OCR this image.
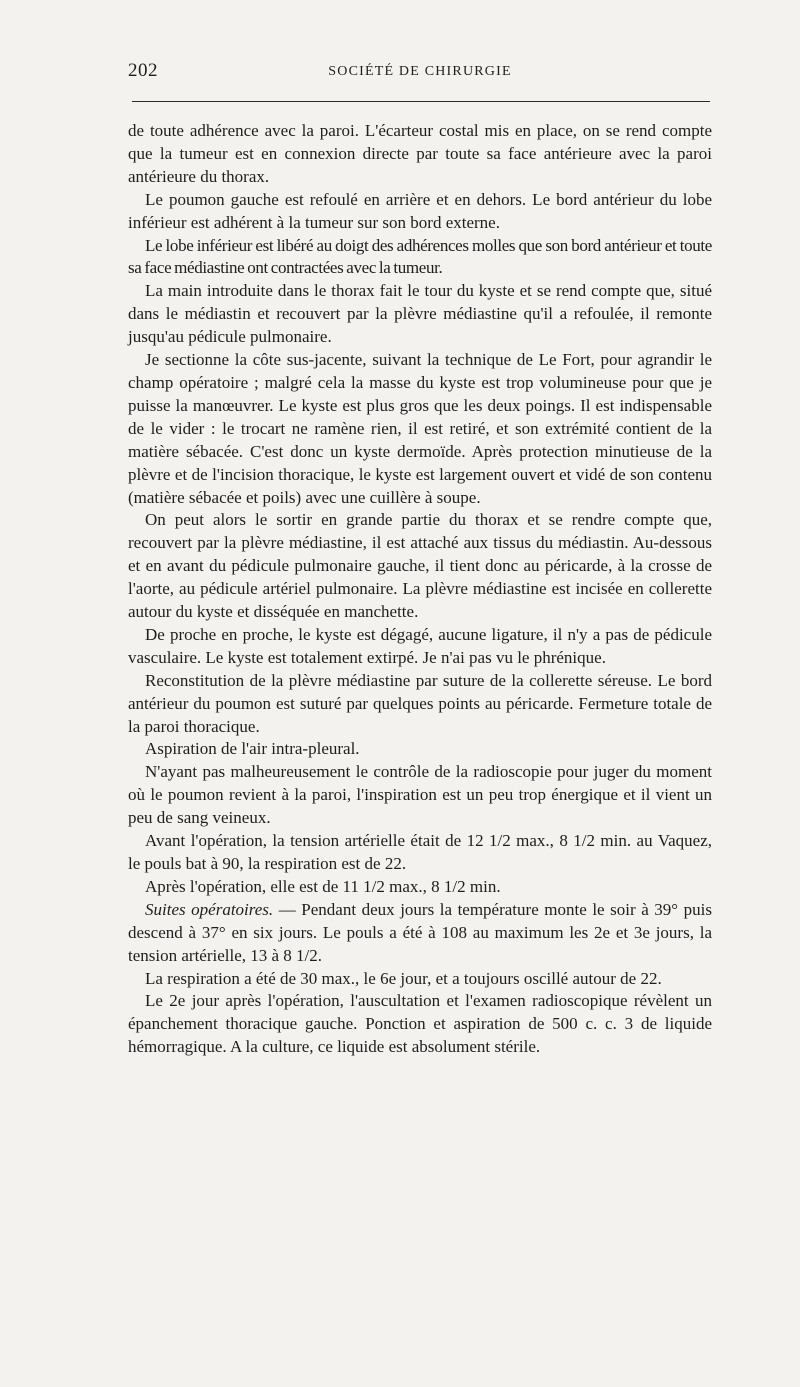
202	SOCIÉTÉ DE CHIRURGIE

de toute adhérence avec la paroi. L'écarteur costal mis en place, on se rend compte que la tumeur est en connexion directe par toute sa face antérieure avec la paroi antérieure du thorax.

Le poumon gauche est refoulé en arrière et en dehors. Le bord antérieur du lobe inférieur est adhérent à la tumeur sur son bord externe.

Le lobe inférieur est libéré au doigt des adhérences molles que son bord antérieur et toute sa face médiastine ont contractées avec la tumeur.

La main introduite dans le thorax fait le tour du kyste et se rend compte que, situé dans le médiastin et recouvert par la plèvre médiastine qu'il a refoulée, il remonte jusqu'au pédicule pulmonaire.

Je sectionne la côte sus-jacente, suivant la technique de Le Fort, pour agrandir le champ opératoire ; malgré cela la masse du kyste est trop volumineuse pour que je puisse la manœuvrer. Le kyste est plus gros que les deux poings. Il est indispensable de le vider : le trocart ne ramène rien, il est retiré, et son extrémité contient de la matière sébacée. C'est donc un kyste dermoïde. Après protection minutieuse de la plèvre et de l'incision thoracique, le kyste est largement ouvert et vidé de son contenu (matière sébacée et poils) avec une cuillère à soupe.

On peut alors le sortir en grande partie du thorax et se rendre compte que, recouvert par la plèvre médiastine, il est attaché aux tissus du médiastin. Au-dessous et en avant du pédicule pulmonaire gauche, il tient donc au péricarde, à la crosse de l'aorte, au pédicule artériel pulmonaire. La plèvre médiastine est incisée en collerette autour du kyste et disséquée en manchette.

De proche en proche, le kyste est dégagé, aucune ligature, il n'y a pas de pédicule vasculaire. Le kyste est totalement extirpé. Je n'ai pas vu le phrénique.

Reconstitution de la plèvre médiastine par suture de la collerette séreuse. Le bord antérieur du poumon est suturé par quelques points au péricarde. Fermeture totale de la paroi thoracique.

Aspiration de l'air intra-pleural.

N'ayant pas malheureusement le contrôle de la radioscopie pour juger du moment où le poumon revient à la paroi, l'inspiration est un peu trop énergique et il vient un peu de sang veineux.

Avant l'opération, la tension artérielle était de 12 1/2 max., 8 1/2 min. au Vaquez, le pouls bat à 90, la respiration est de 22.

Après l'opération, elle est de 11 1/2 max., 8 1/2 min.

Suites opératoires. — Pendant deux jours la température monte le soir à 39° puis descend à 37° en six jours. Le pouls a été à 108 au maximum les 2e et 3e jours, la tension artérielle, 13 à 8 1/2.

La respiration a été de 30 max., le 6e jour, et a toujours oscillé autour de 22.

Le 2e jour après l'opération, l'auscultation et l'examen radioscopique révèlent un épanchement thoracique gauche. Ponction et aspiration de 500 c. c. 3 de liquide hémorragique. A la culture, ce liquide est absolument stérile.
